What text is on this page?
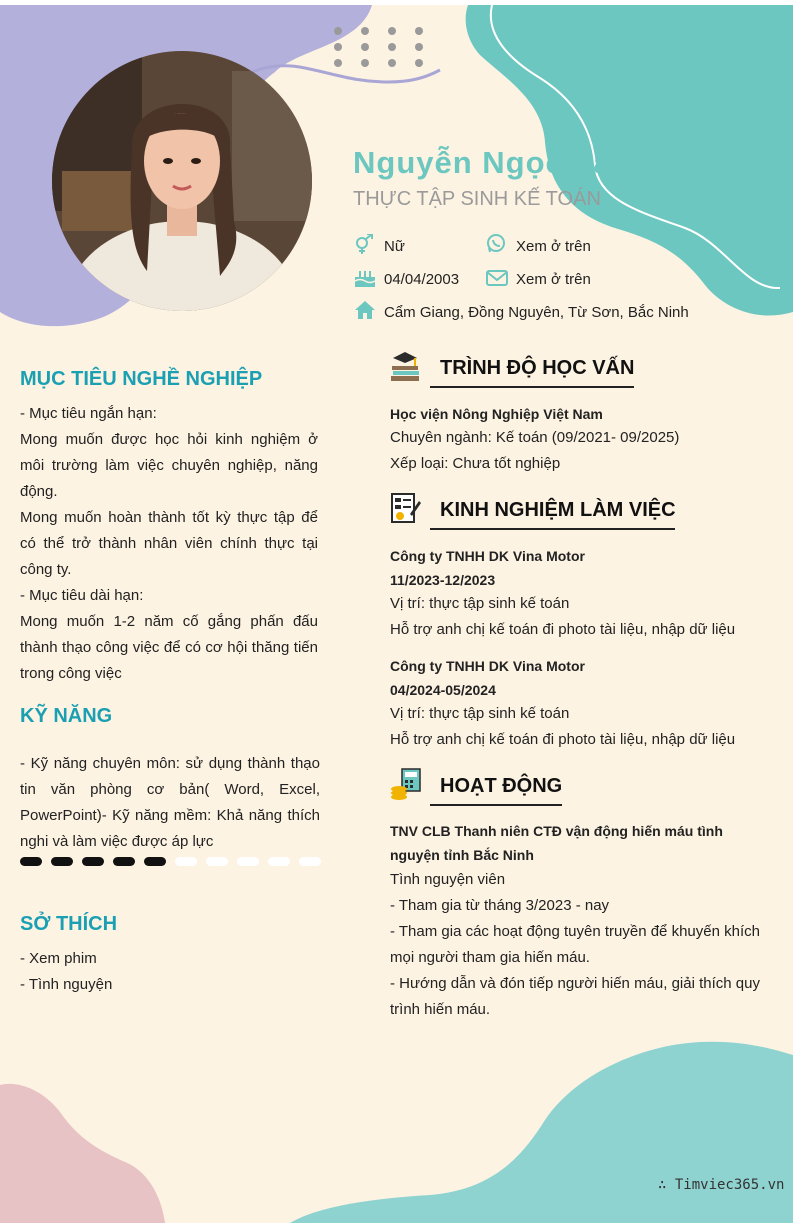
Nguyễn Ngọc Lan
THỰC TẬP SINH KẾ TOÁN
Nữ	Xem ở trên
04/04/2003	Xem ở trên
Cẩm Giang, Đồng Nguyên, Từ Sơn, Bắc Ninh
MỤC TIÊU NGHỀ NGHIỆP
- Mục tiêu ngắn hạn:
Mong muốn được học hỏi kinh nghiệm ở môi trường làm việc chuyên nghiệp, năng động.
Mong muốn hoàn thành tốt kỳ thực tập để có thể trở thành nhân viên chính thực tại công ty.
- Mục tiêu dài hạn:
Mong muốn 1-2 năm cố gắng phấn đấu thành thạo công việc để có cơ hội thăng tiến trong công việc
KỸ NĂNG
- Kỹ năng chuyên môn: sử dụng thành thạo tin văn phòng cơ bản( Word, Excel, PowerPoint)- Kỹ năng mềm: Khả năng thích nghi và làm việc được áp lực
SỞ THÍCH
- Xem phim
- Tình nguyện
TRÌNH ĐỘ HỌC VẤN
Học viện Nông Nghiệp Việt Nam
Chuyên ngành: Kế toán (09/2021- 09/2025)
Xếp loại: Chưa tốt nghiệp
KINH NGHIỆM LÀM VIỆC
Công ty TNHH DK Vina Motor
11/2023-12/2023
Vị trí: thực tập sinh kế toán
Hỗ trợ anh chị kế toán đi photo tài liệu, nhập dữ liệu
Công ty TNHH DK Vina Motor
04/2024-05/2024
Vị trí: thực tập sinh kế toán
Hỗ trợ anh chị kế toán đi photo tài liệu, nhập dữ liệu
HOẠT ĐỘNG
TNV CLB Thanh niên CTĐ vận động hiến máu tình nguyện tỉnh Bắc Ninh
Tình nguyện viên
- Tham gia từ tháng 3/2023 - nay
- Tham gia các hoạt động tuyên truyền để khuyến khích mọi người tham gia hiến máu.
- Hướng dẫn và đón tiếp người hiến máu, giải thích quy trình hiến máu.
∴ Timviec365.vn
